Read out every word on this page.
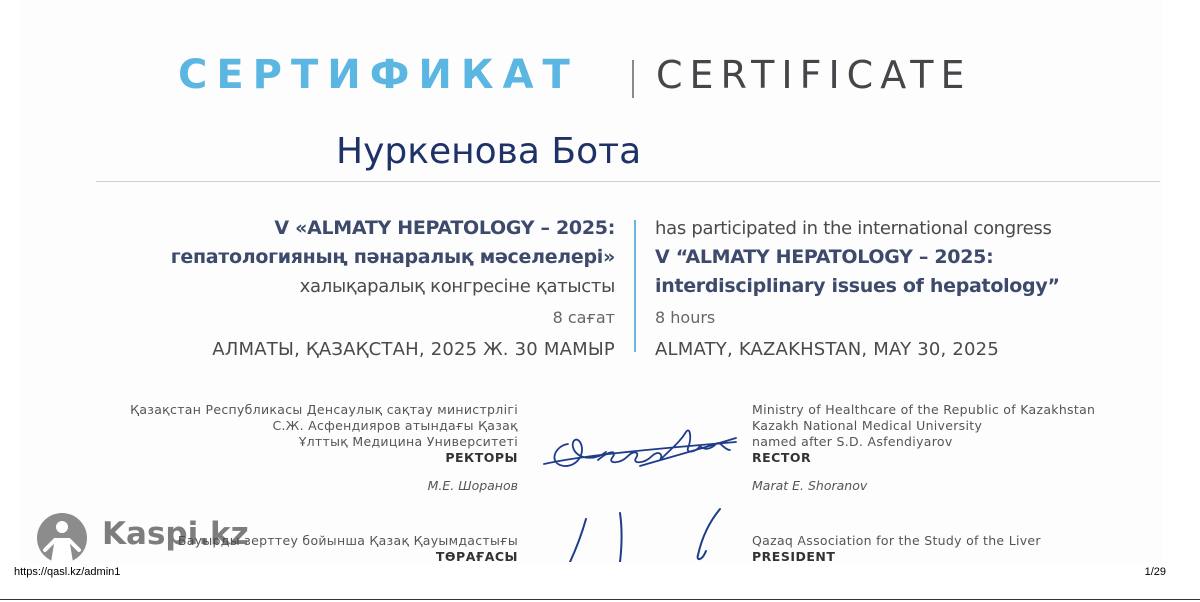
СЕРТИФИКАТ CERTIFICATE
Нуркенова Бота
V «ALMATY HEPATOLOGY – 2025:
гепатологияның пәнаралық мәселелері»
халықаралық конгреcіне қатысты
8 сағат
АЛМАТЫ, ҚАЗАҚСТАН, 2025 Ж. 30 МАМЫР
has participated in the international congress
V “ALMATY HEPATOLOGY – 2025:
interdisciplinary issues of hepatology”
8 hours
ALMATY, KAZAKHSTAN, MAY 30, 2025
Қазақстан Республикасы Денсаулық сақтау министрлігі
С.Ж. Асфендияров атындағы Қазақ
Ұлттық Медицина Университеті
РЕКТОРЫ
М.Е. Шоранов
Ministry of Healthcare of the Republic of Kazakhstan
Kazakh National Medical University
named after S.D. Asfendiyarov
RECTOR
Marat E. Shoranov
Бауырды зерттеу бойынша Қазақ Қауымдастығы
ТӨРАҒАСЫ
Qazaq Association for the Study of the Liver
PRESIDENT
Kaspi.kz
https://qasl.kz/admin1	1/29
